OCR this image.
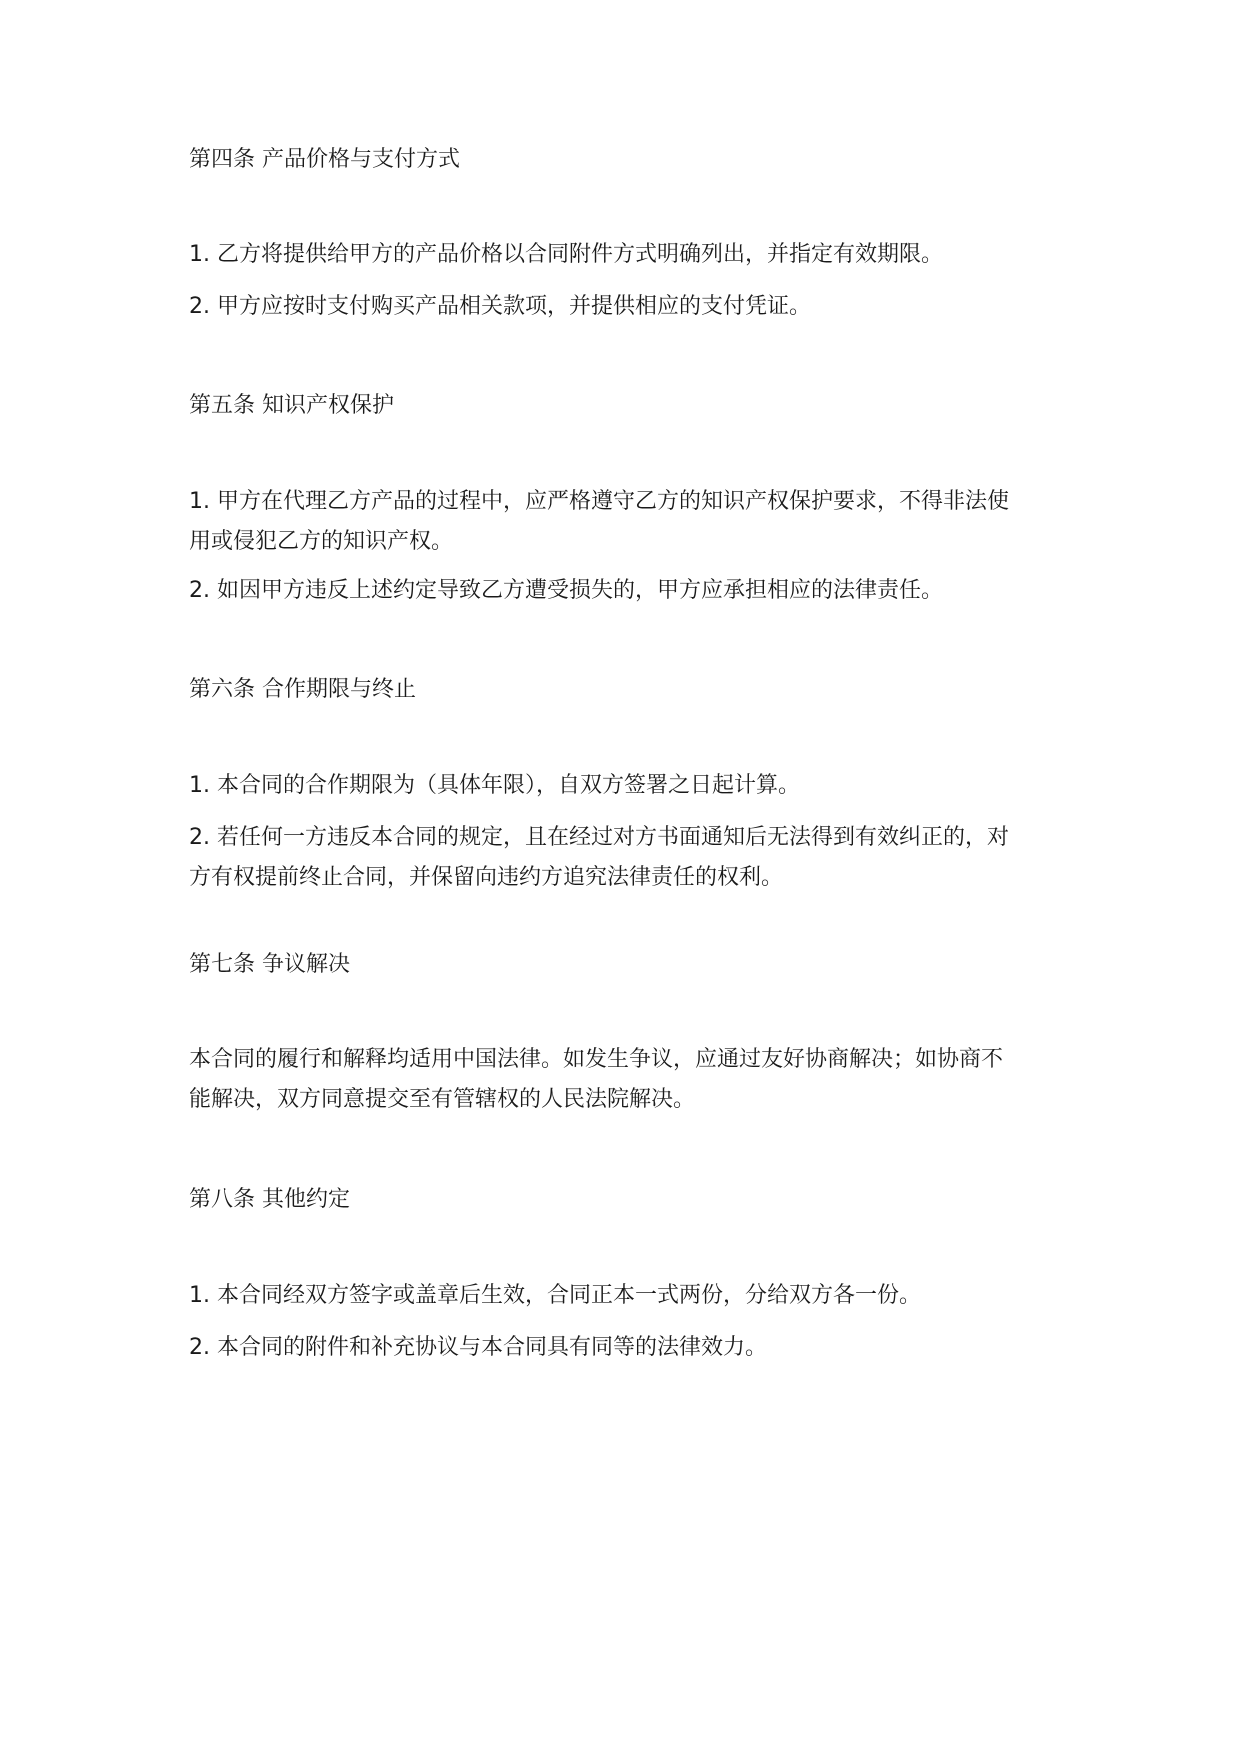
第四条 产品价格与支付方式
1. 乙方将提供给甲方的产品价格以合同附件方式明确列出，并指定有效期限。
2. 甲方应按时支付购买产品相关款项，并提供相应的支付凭证。
第五条 知识产权保护
1. 甲方在代理乙方产品的过程中，应严格遵守乙方的知识产权保护要求，不得非法使
用或侵犯乙方的知识产权。
2. 如因甲方违反上述约定导致乙方遭受损失的，甲方应承担相应的法律责任。
第六条 合作期限与终止
1. 本合同的合作期限为（具体年限），自双方签署之日起计算。
2. 若任何一方违反本合同的规定，且在经过对方书面通知后无法得到有效纠正的，对
方有权提前终止合同，并保留向违约方追究法律责任的权利。
第七条 争议解决
本合同的履行和解释均适用中国法律。如发生争议，应通过友好协商解决；如协商不
能解决，双方同意提交至有管辖权的人民法院解决。
第八条 其他约定
1. 本合同经双方签字或盖章后生效，合同正本一式两份，分给双方各一份。
2. 本合同的附件和补充协议与本合同具有同等的法律效力。
